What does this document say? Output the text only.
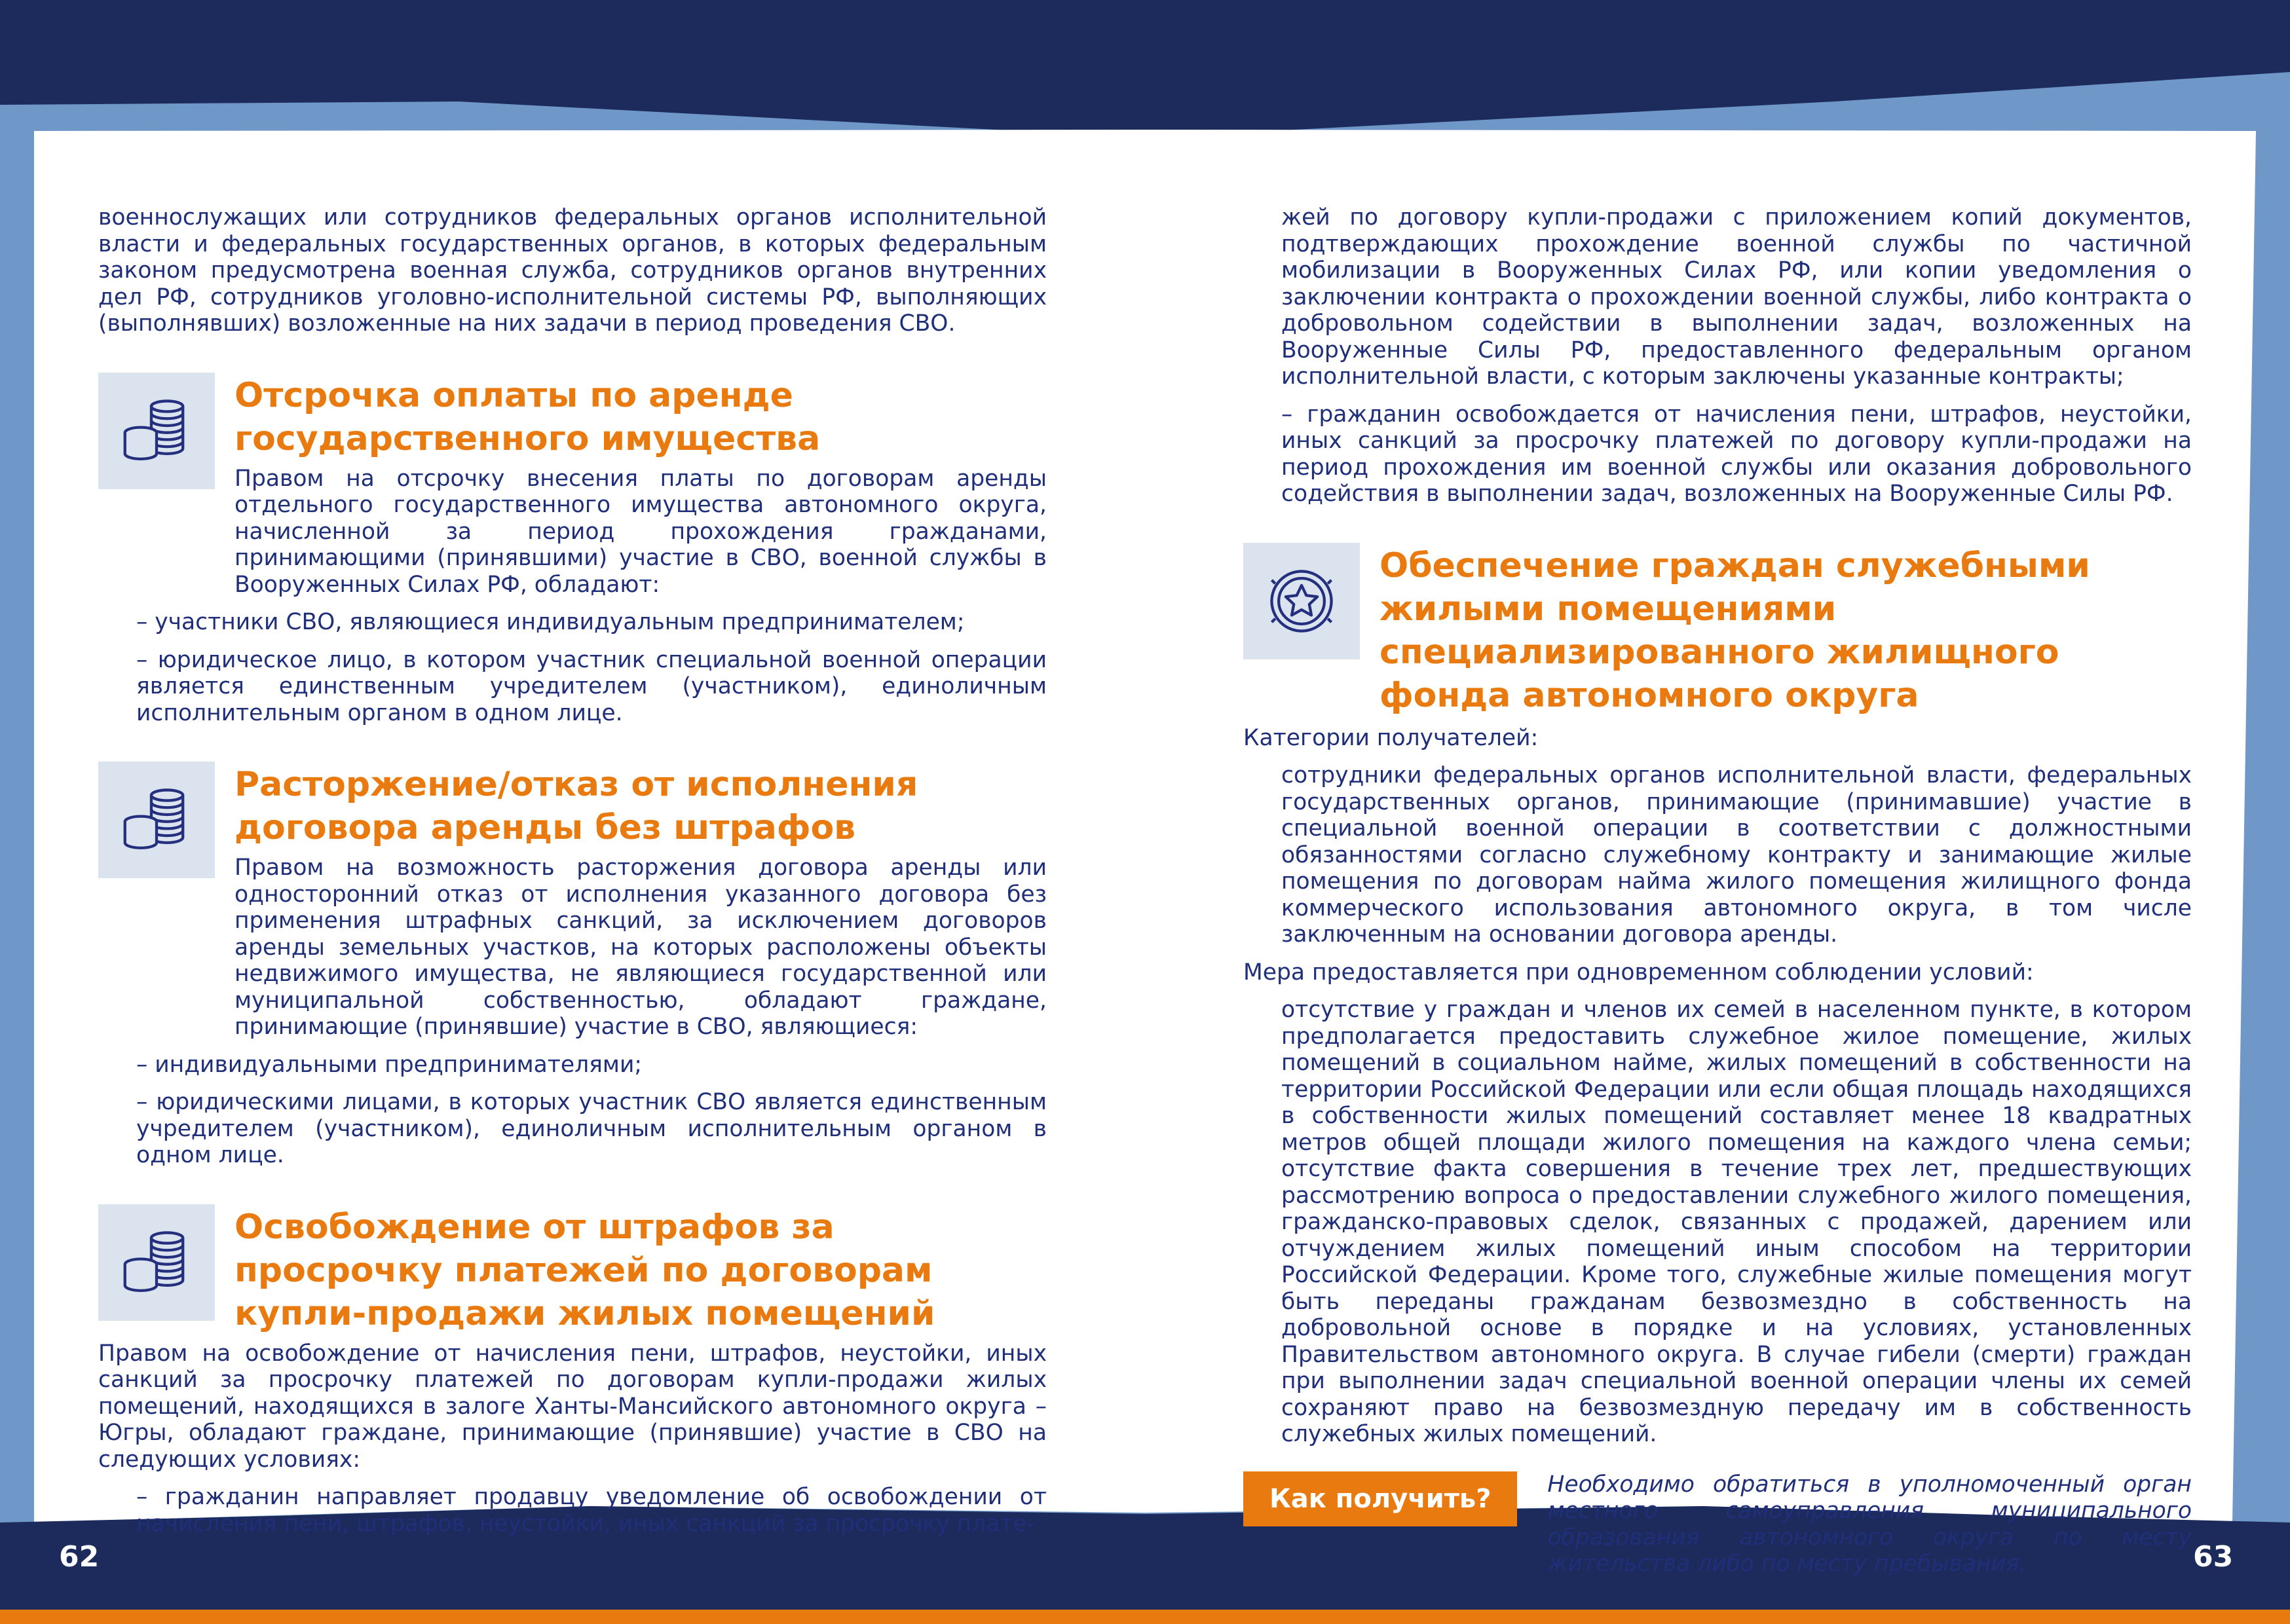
62	63

военнослужащих или сотрудников федеральных органов исполнительной власти и федеральных государственных органов, в которых федеральным законом предусмотрена военная служба, сотрудников органов внутренних дел РФ, сотрудников уголовно-исполнительной системы РФ, выполняющих (выполнявших) возложенные на них задачи в период проведения СВО.

Отсрочка оплаты по аренде государственного имущества

Правом на отсрочку внесения платы по договорам аренды отдельного государственного имущества автономного округа, начисленной за период прохождения гражданами, принимающими (принявшими) участие в СВО, военной службы в Вооруженных Силах РФ, обладают:

– участники СВО, являющиеся индивидуальным предпринимателем;

– юридическое лицо, в котором участник специальной военной операции является единственным учредителем (участником), единоличным исполнительным органом в одном лице.

Расторжение/отказ от исполнения договора аренды без штрафов

Правом на возможность расторжения договора аренды или односторонний отказ от исполнения указанного договора без применения штрафных санкций, за исключением договоров аренды земельных участков, на которых расположены объекты недвижимого имущества, не являющиеся государственной или муниципальной собственностью, обладают граждане, принимающие (принявшие) участие в СВО, являющиеся:

– индивидуальными предпринимателями;

– юридическими лицами, в которых участник СВО является единственным учредителем (участником), единоличным исполнительным органом в одном лице.

Освобождение от штрафов за просрочку платежей по договорам купли-продажи жилых помещений

Правом на освобождение от начисления пени, штрафов, неустойки, иных санкций за просрочку платежей по договорам купли-продажи жилых помещений, находящихся в залоге Ханты-Мансийского автономного округа – Югры, обладают граждане, принимающие (принявшие) участие в СВО на следующих условиях:

– гражданин направляет продавцу уведомление об освобождении от начисления пени, штрафов, неустойки, иных санкций за просрочку плате-

жей по договору купли-продажи с приложением копий документов, подтверждающих прохождение военной службы по частичной мобилизации в Вооруженных Силах РФ, или копии уведомления о заключении контракта о прохождении военной службы, либо контракта о добровольном содействии в выполнении задач, возложенных на Вооруженные Силы РФ, предоставленного федеральным органом исполнительной власти, с которым заключены указанные контракты;

– гражданин освобождается от начисления пени, штрафов, неустойки, иных санкций за просрочку платежей по договору купли-продажи на период прохождения им военной службы или оказания добровольного содействия в выполнении задач, возложенных на Вооруженные Силы РФ.

Обеспечение граждан служебными жилыми помещениями специализированного жилищного фонда автономного округа

Категории получателей:

сотрудники федеральных органов исполнительной власти, федеральных государственных органов, принимающие (принимавшие) участие в специальной военной операции в соответствии с должностными обязанностями согласно служебному контракту и занимающие жилые помещения по договорам найма жилого помещения жилищного фонда коммерческого использования автономного округа, в том числе заключенным на основании договора аренды.

Мера предоставляется при одновременном соблюдении условий:

отсутствие у граждан и членов их семей в населенном пункте, в котором предполагается предоставить служебное жилое помещение, жилых помещений в социальном найме, жилых помещений в собственности на территории Российской Федерации или если общая площадь находящихся в собственности жилых помещений составляет менее 18 квадратных метров общей площади жилого помещения на каждого члена семьи; отсутствие факта совершения в течение трех лет, предшествующих рассмотрению вопроса о предоставлении служебного жилого помещения, гражданско-правовых сделок, связанных с продажей, дарением или отчуждением жилых помещений иным способом на территории Российской Федерации. Кроме того, служебные жилые помещения могут быть переданы гражданам безвозмездно в собственность на добровольной основе в порядке и на условиях, установленных Правительством автономного округа. В случае гибели (смерти) граждан при выполнении задач специальной военной операции члены их семей сохраняют право на безвозмездную передачу им в собственность служебных жилых помещений.

Как получить?	Необходимо обратиться в уполномоченный орган местного самоуправления муниципального образования автономного округа по месту жительства либо по месту пребывания.
